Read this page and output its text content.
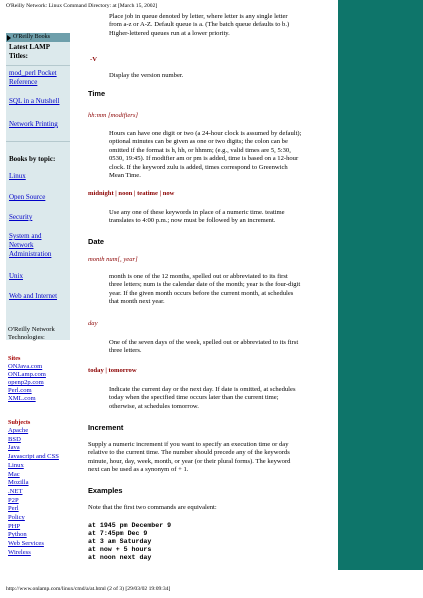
O'Reilly Network: Linux Command Directory: at [March 15, 2002]
O'Reilly Books
Latest LAMP Titles:
mod_perl Pocket Reference
SQL in a Nutshell
Network Printing
Books by topic:
Linux
Open Source
Security
System and Network Administration
Unix
Web and Internet
O'Reilly Network Technologies:
Sites
ONJava.com
ONLamp.com
openp2p.com
Perl.com
XML.com
Subjects
Apache
BSD
Java
Javascript and CSS
Linux
Mac
Mozilla
.NET
P2P
Perl
Policy
PHP
Python
Web Services
Wireless
Place job in queue denoted by letter, where letter is any single letter
from a-z or A-Z. Default queue is a. (The batch queue defaults to b.)
Higher-lettered queues run at a lower priority.
-V
Display the version number.
Time
hh:mm [modifiers]
Hours can have one digit or two (a 24-hour clock is assumed by default);
optional minutes can be given as one or two digits; the colon can be
omitted if the format is h, hh, or hhmm; (e.g., valid times are 5, 5:30,
0530, 19:45). If modifier am or pm is added, time is based on a 12-hour
clock. If the keyword zulu is added, times correspond to Greenwich
Mean Time.
midnight | noon | teatime | now
Use any one of these keywords in place of a numeric time. teatime
translates to 4:00 p.m.; now must be followed by an increment.
Date
month num[, year]
month is one of the 12 months, spelled out or abbreviated to its first
three letters; num is the calendar date of the month; year is the four-digit
year. If the given month occurs before the current month, at schedules
that month next year.
day
One of the seven days of the week, spelled out or abbreviated to its first
three letters.
today | tomorrow
Indicate the current day or the next day. If date is omitted, at schedules
today when the specified time occurs later than the current time;
otherwise, at schedules tomorrow.
Increment
Supply a numeric increment if you want to specify an execution time or day
relative to the current time. The number should precede any of the keywords
minute, hour, day, week, month, or year (or their plural forms). The keyword
next can be used as a synonym of + 1.
Examples
Note that the first two commands are equivalent:
at 1945 pm December 9
at 7:45pm Dec 9
at 3 am Saturday
at now + 5 hours
at noon next day
http://www.onlamp.com/linux/cmd/a/at.html (2 of 3) [29/03/02 19:09:34]
